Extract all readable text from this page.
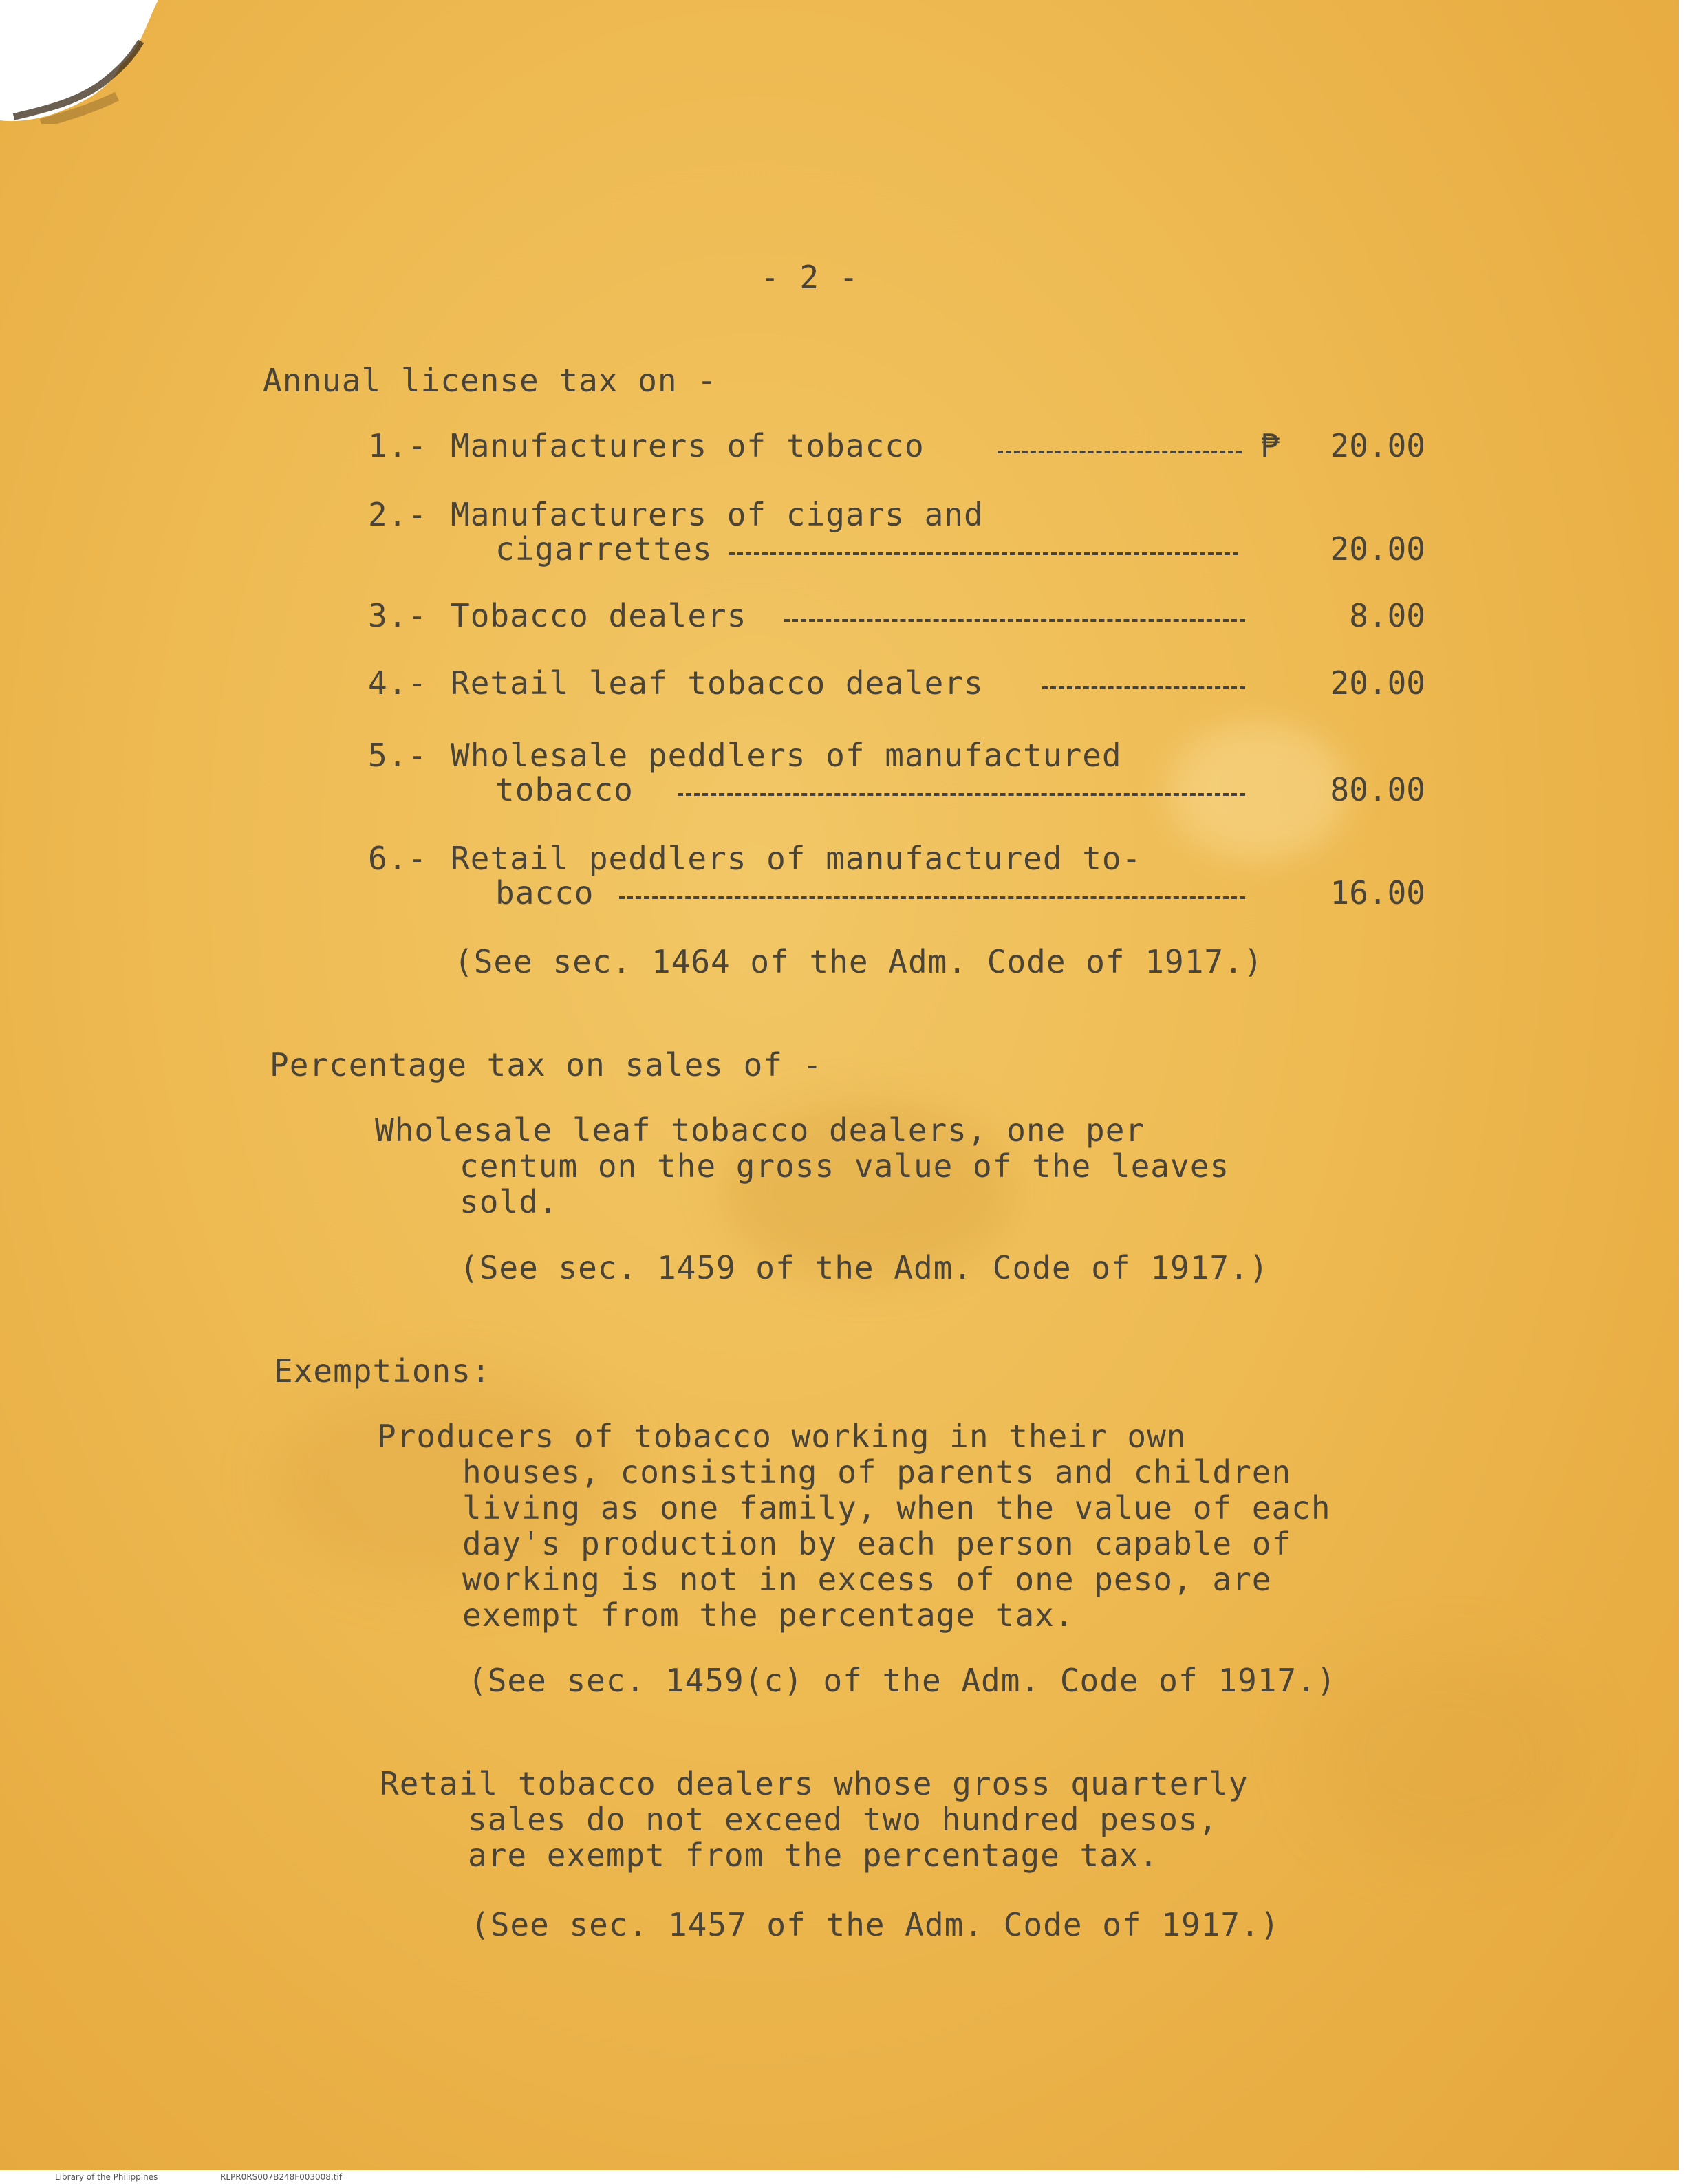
- 2 -
Annual license tax on -
1.- Manufacturers of tobacco	₱	20.00
2.- Manufacturers of cigars and
cigarrettes	20.00
3.- Tobacco dealers	8.00
4.- Retail leaf tobacco dealers	20.00
5.- Wholesale peddlers of manufactured
tobacco	80.00
6.- Retail peddlers of manufactured to-
bacco	16.00
(See sec. 1464 of the Adm. Code of 1917.)
Percentage tax on sales of -
Wholesale leaf tobacco dealers, one per
centum on the gross value of the leaves
sold.
(See sec. 1459 of the Adm. Code of 1917.)
Exemptions:
Producers of tobacco working in their own
houses, consisting of parents and children
living as one family, when the value of each
day's production by each person capable of
working is not in excess of one peso, are
exempt from the percentage tax.
(See sec. 1459(c) of the Adm. Code of 1917.)
Retail tobacco dealers whose gross quarterly
sales do not exceed two hundred pesos,
are exempt from the percentage tax.
(See sec. 1457 of the Adm. Code of 1917.)
Library of the Philippines	RLPR0RS007B248F003008.tif
